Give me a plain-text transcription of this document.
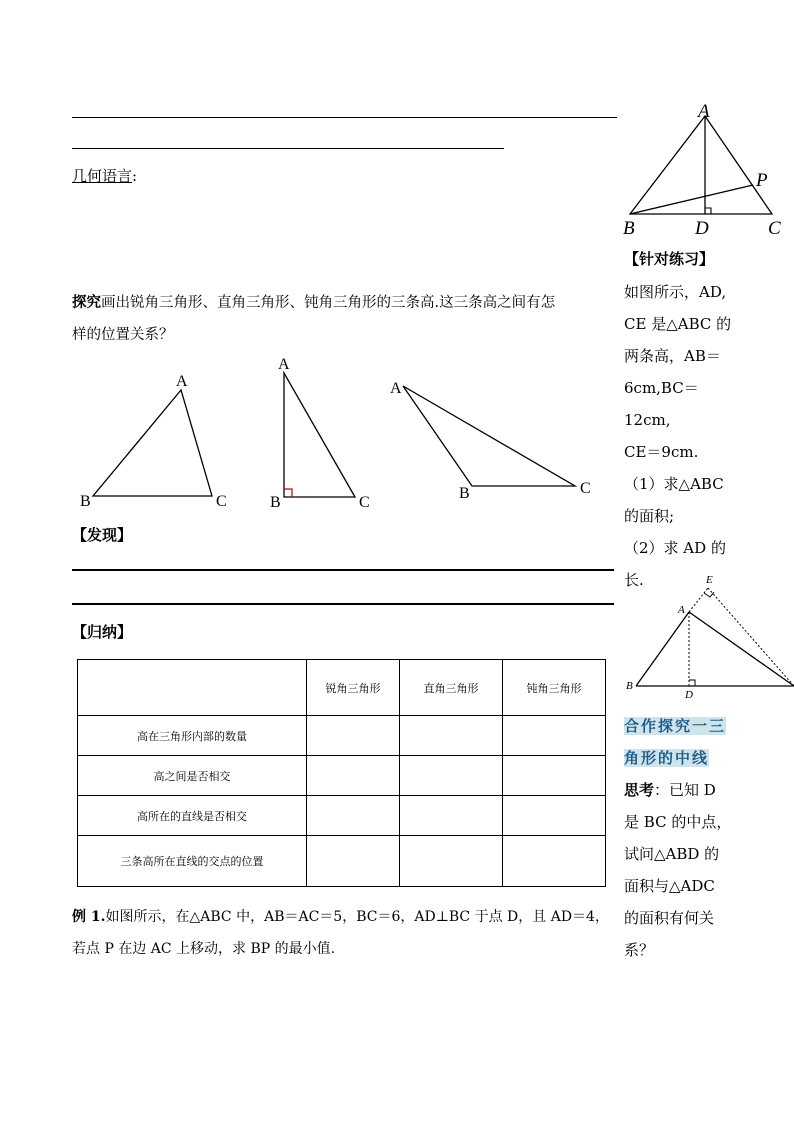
几何语言:
探究画出锐角三角形、直角三角形、钝角三角形的三条高.这三条高之间有怎
样的位置关系？
A
B	C
A
B	C
A
B	C
【发现】
【归纳】
	锐角三角形	直角三角形	钝角三角形
高在三角形内部的数量			
高之间是否相交			
高所在的直线是否相交			
三条高所在直线的交点的位置			
例 1.如图所示，在△ABC 中，AB＝AC＝5，BC＝6，AD⊥BC 于点 D，且 AD＝4，
若点 P 在边 AC 上移动，求 BP 的最小值.
A
B	D	C
P
【针对练习】
如图所示，AD,
CE 是△ABC 的
两条高，AB＝
6cm,BC＝12cm,
CE＝9cm.
（1）求△ABC
的面积;
（2）求 AD 的
长.
A
E
B
D
合作探究一三
角形的中线
思考：已知 D
是 BC 的中点，
试问△ABD 的
面积与△ADC
的面积有何关
系？
